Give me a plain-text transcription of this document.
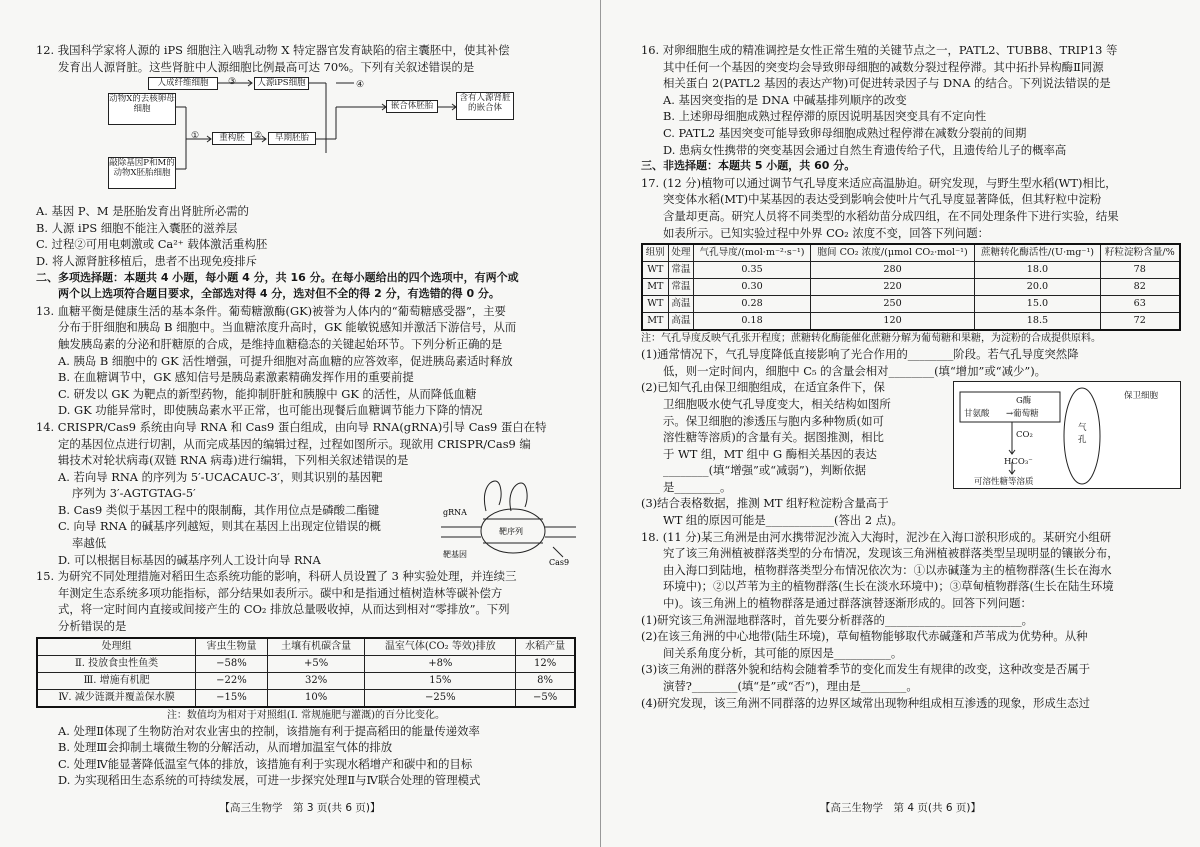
12. 我国科学家将人源的 iPS 细胞注入啮乳动物 X 特定器官发育缺陷的宿主囊胚中，使其补偿

发育出人源肾脏。这些肾脏中人源细胞比例最高可达 70%。下列有关叙述错误的是

人成纤维细胞	人源iPS细胞
动物X的去核卵母细胞
重构胚	早期胚胎
嵌合体胚胎
含有人源肾脏的嵌合体
敲除基因P和M的动物X胚胎细胞
③
①	②
④

A. 基因 P、M 是胚胎发育出肾脏所必需的

B. 人源 iPS 细胞不能注入囊胚的滋养层

C. 过程②可用电刺激或 Ca²⁺ 载体激活重构胚

D. 将人源肾脏移植后，患者不出现免疫排斥

二、多项选择题：本题共 4 小题，每小题 4 分，共 16 分。在每小题给出的四个选项中，有两个或

两个以上选项符合题目要求，全部选对得 4 分，选对但不全的得 2 分，有选错的得 0 分。

13. 血糖平衡是健康生活的基本条件。葡萄糖激酶(GK)被誉为人体内的“葡萄糖感受器”，主要

分布于肝细胞和胰岛 B 细胞中。当血糖浓度升高时，GK 能敏锐感知并激活下游信号，从而

触发胰岛素的分泌和肝糖原的合成，是维持血糖稳态的关键起始环节。下列分析正确的是

A. 胰岛 B 细胞中的 GK 活性增强，可提升细胞对高血糖的应答效率，促进胰岛素适时释放

B. 在血糖调节中，GK 感知信号是胰岛素激素精确发挥作用的重要前提

C. 研发以 GK 为靶点的新型药物，能抑制肝脏和胰腺中 GK 的活性，从而降低血糖

D. GK 功能异常时，即使胰岛素水平正常，也可能出现餐后血糖调节能力下降的情况

14. CRISPR/Cas9 系统由向导 RNA 和 Cas9 蛋白组成，由向导 RNA(gRNA)引导 Cas9 蛋白在特

定的基因位点进行切割，从而完成基因的编辑过程，过程如图所示。现欲用 CRISPR/Cas9 编

辑技术对轮状病毒(双链 RNA 病毒)进行编辑，下列相关叙述错误的是

gRNA
靶序列
靶基因
Cas9

A. 若向导 RNA 的序列为 5′-UCACAUC-3′，则其识别的基因靶

序列为 3′-AGTGTAG-5′

B. Cas9 类似于基因工程中的限制酶，其作用位点是磷酸二酯键

C. 向导 RNA 的碱基序列越短，则其在基因上出现定位错误的概

率越低

D. 可以根据目标基因的碱基序列人工设计向导 RNA

15. 为研究不同处理措施对稻田生态系统功能的影响，科研人员设置了 3 种实验处理，并连续三

年测定生态系统多项功能指标，部分结果如表所示。碳中和是指通过植树造林等碳补偿方

式，将一定时间内直接或间接产生的 CO₂ 排放总量吸收掉，从而达到相对“零排放”。下列

分析错误的是

处理组	害虫生物量	土壤有机碳含量	温室气体(CO₂ 等效)排放	水稻产量
Ⅱ. 投放食虫性鱼类	−58%	+5%	+8%	12%
Ⅲ. 增施有机肥	−22%	32%	15%	8%
Ⅳ. 减少涟溉并覆盖保水膜	−15%	10%	−25%	−5%

注：数值均为相对于对照组(Ⅰ. 常规施肥与灌溉)的百分比变化。

A. 处理Ⅱ体现了生物防治对农业害虫的控制，该措施有利于提高稻田的能量传递效率

B. 处理Ⅲ会抑制土壤微生物的分解活动，从而增加温室气体的排放

C. 处理Ⅳ能显著降低温室气体的排放，该措施有利于实现水稻增产和碳中和的目标

D. 为实现稻田生态系统的可持续发展，可进一步探究处理Ⅱ与Ⅳ联合处理的管理模式

【高三生物学　第 3 页(共 6 页)】

16. 对卵细胞生成的精准调控是女性正常生殖的关键节点之一，PATL2、TUBB8、TRIP13 等

其中任何一个基因的突变均会导致卵母细胞的减数分裂过程停滞。其中拓扑异构酶Ⅱ同源

相关蛋白 2(PATL2 基因的表达产物)可促进转录因子与 DNA 的结合。下列说法错误的是

A. 基因突变指的是 DNA 中碱基排列顺序的改变

B. 上述卵母细胞成熟过程停滞的原因说明基因突变具有不定向性

C. PATL2 基因突变可能导致卵母细胞成熟过程停滞在减数分裂前的间期

D. 患病女性携带的突变基因会通过自然生育遗传给子代，且遗传给儿子的概率高

三、非选择题：本题共 5 小题，共 60 分。

17. (12 分)植物可以通过调节气孔导度来适应高温胁迫。研究发现，与野生型水稻(WT)相比，

突变体水稻(MT)中某基因的表达受到影响会使叶片气孔导度显著降低，但其籽粒中淀粉

含量却更高。研究人员将不同类型的水稻幼苗分成四组，在不同处理条件下进行实验，结果

如表所示。已知实验过程中外界 CO₂ 浓度不变，回答下列问题：

组别	处理	气孔导度/(mol·m⁻²·s⁻¹)	胞间 CO₂ 浓度/(μmol CO₂·mol⁻¹)	蔗糖转化酶活性/(U·mg⁻¹)	籽粒淀粉含量/%
WT	常温	0.35	280	18.0	78
MT	常温	0.30	220	20.0	82
WT	高温	0.28	250	15.0	63
MT	高温	0.18	120	18.5	72

注：气孔导度反映气孔张开程度；蔗糖转化酶能催化蔗糖分解为葡萄糖和果糖，为淀粉的合成提供原料。

(1)通常情况下，气孔导度降低直接影响了光合作用的________阶段。若气孔导度突然降

低，则一定时间内，细胞中 C₅ 的含量会相对________(填“增加”或“减少”)。

G酶
甘氨酸 →葡萄糖
CO₂
HCO₃⁻
可溶性糖等溶质
气孔
保卫细胞

(2)已知气孔由保卫细胞组成，在适宜条件下，保

卫细胞吸水使气孔导度变大，相关结构如图所

示。保卫细胞的渗透压与胞内多种物质(如可

溶性糖等溶质)的含量有关。据图推测，相比

于 WT 组，MT 组中 G 酶相关基因的表达

________(填“增强”或“减弱”)，判断依据

是________。

(3)结合表格数据，推测 MT 组籽粒淀粉含量高于

WT 组的原因可能是____________(答出 2 点)。

18. (11 分)某三角洲是由河水携带泥沙流入大海时，泥沙在入海口淤积形成的。某研究小组研

究了该三角洲植被群落类型的分布情况，发现该三角洲植被群落类型呈现明显的镶嵌分布，

由入海口到陆地，植物群落类型分布情况依次为：①以赤碱蓬为主的植物群落(生长在海水

环境中)；②以芦苇为主的植物群落(生长在淡水环境中)；③草甸植物群落(生长在陆生环境

中)。该三角洲上的植物群落是通过群落演替逐渐形成的。回答下列问题：

(1)研究该三角洲湿地群落时，首先要分析群落的________________________。

(2)在该三角洲的中心地带(陆生环境)，草甸植物能够取代赤碱蓬和芦苇成为优势种。从种

间关系角度分析，其可能的原因是__________。

(3)该三角洲的群落外貌和结构会随着季节的变化而发生有规律的改变，这种改变是否属于

演替?________(填“是”或“否”)，理由是________。

(4)研究发现，该三角洲不同群落的边界区域常出现物种组成相互渗透的现象，形成生态过

【高三生物学　第 4 页(共 6 页)】
